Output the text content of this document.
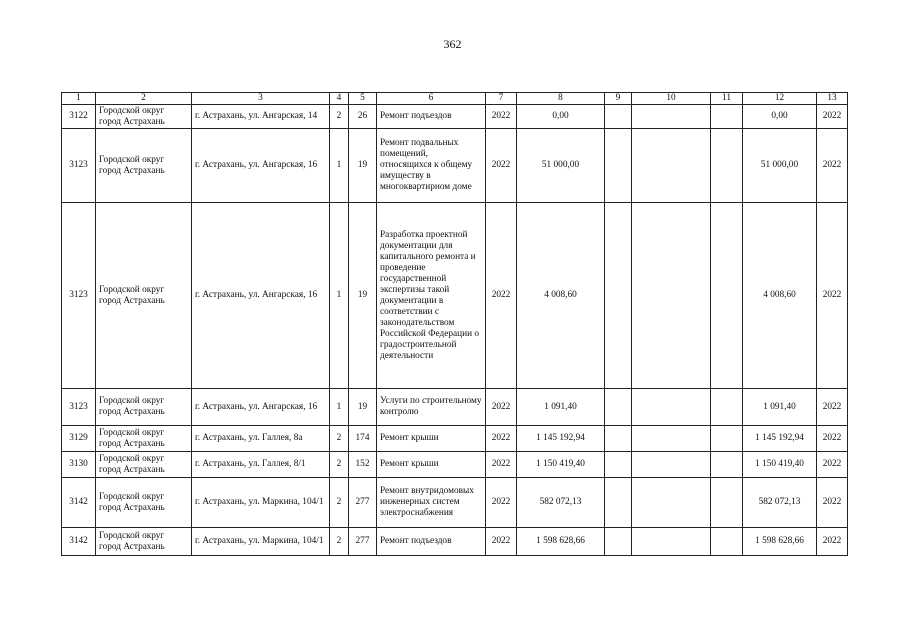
362
1	2	3	4	5	6	7	8	9	10	11	12	13
3122	Городской округ город Астрахань	г. Астрахань, ул. Ангарская, 14	2	26	Ремонт подъездов	2022	0,00				0,00	2022
3123	Городской округ город Астрахань	г. Астрахань, ул. Ангарская, 16	1	19	Ремонт подвальных помещений, относящихся к общему имуществу в многоквартирном доме	2022	51 000,00				51 000,00	2022
3123	Городской округ город Астрахань	г. Астрахань, ул. Ангарская, 16	1	19	Разработка проектной документации для капитального ремонта и проведение государственной экспертизы такой документации в соответствии с законодательством Российской Федерации о градостроительной деятельности	2022	4 008,60				4 008,60	2022
3123	Городской округ город Астрахань	г. Астрахань, ул. Ангарская, 16	1	19	Услуги по строительному контролю	2022	1 091,40				1 091,40	2022
3129	Городской округ город Астрахань	г. Астрахань, ул. Галлея, 8а	2	174	Ремонт крыши	2022	1 145 192,94				1 145 192,94	2022
3130	Городской округ город Астрахань	г. Астрахань, ул. Галлея, 8/1	2	152	Ремонт крыши	2022	1 150 419,40				1 150 419,40	2022
3142	Городской округ город Астрахань	г. Астрахань, ул. Маркина, 104/1	2	277	Ремонт внутридомовых инженерных систем электроснабжения	2022	582 072,13				582 072,13	2022
3142	Городской округ город Астрахань	г. Астрахань, ул. Маркина, 104/1	2	277	Ремонт подъездов	2022	1 598 628,66				1 598 628,66	2022
